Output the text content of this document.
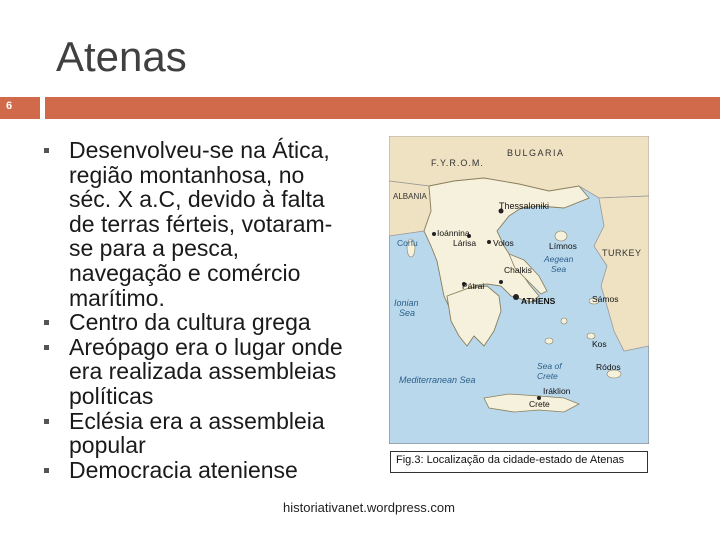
Atenas
6
Desenvolveu-se na Ática, região montanhosa, no séc. X a.C, devido à falta de terras férteis, votaram-se para a pesca, navegação e comércio marítimo.
Centro da cultura grega
Areópago era o lugar onde era realizada assembleias políticas
Eclésia era a assembleia popular
Democracia ateniense
F.Y.R.O.M.
BULGARIA
ALBANIA
Thessaloniki
Ioánnina
Lárisa Volos
Corfu	Límnos
Aegean
Sea
Chalkis
Pátrai
ATHENS
Ionian
Sea
Sámos
Kos
TURKEY
Mediterranean Sea
Sea of
Crete
Ródos
Iráklion
Crete
Fig.3: Localização da cidade-estado de Atenas
historiativanet.wordpress.com
